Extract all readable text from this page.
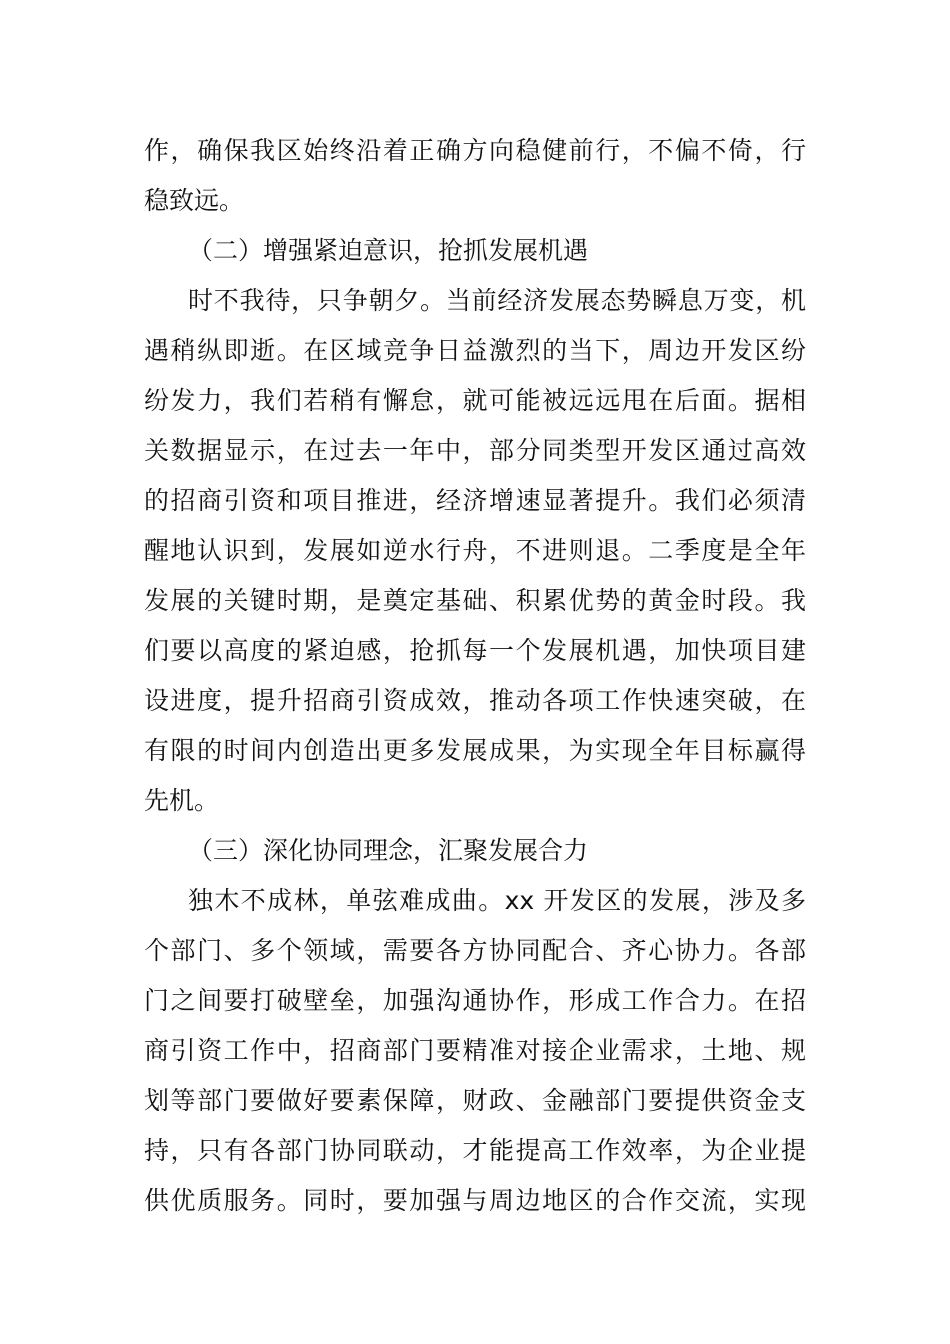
作，确保我区始终沿着正确方向稳健前行，不偏不倚，行
稳致远。
（二）增强紧迫意识，抢抓发展机遇
时不我待，只争朝夕。当前经济发展态势瞬息万变，机
遇稍纵即逝。在区域竞争日益激烈的当下，周边开发区纷
纷发力，我们若稍有懈怠，就可能被远远甩在后面。据相
关数据显示，在过去一年中，部分同类型开发区通过高效
的招商引资和项目推进，经济增速显著提升。我们必须清
醒地认识到，发展如逆水行舟，不进则退。二季度是全年
发展的关键时期，是奠定基础、积累优势的黄金时段。我
们要以高度的紧迫感，抢抓每一个发展机遇，加快项目建
设进度，提升招商引资成效，推动各项工作快速突破，在
有限的时间内创造出更多发展成果，为实现全年目标赢得
先机。
（三）深化协同理念，汇聚发展合力
独木不成林，单弦难成曲。xx 开发区的发展，涉及多
个部门、多个领域，需要各方协同配合、齐心协力。各部
门之间要打破壁垒，加强沟通协作，形成工作合力。在招
商引资工作中，招商部门要精准对接企业需求，土地、规
划等部门要做好要素保障，财政、金融部门要提供资金支
持，只有各部门协同联动，才能提高工作效率，为企业提
供优质服务。同时，要加强与周边地区的合作交流，实现
